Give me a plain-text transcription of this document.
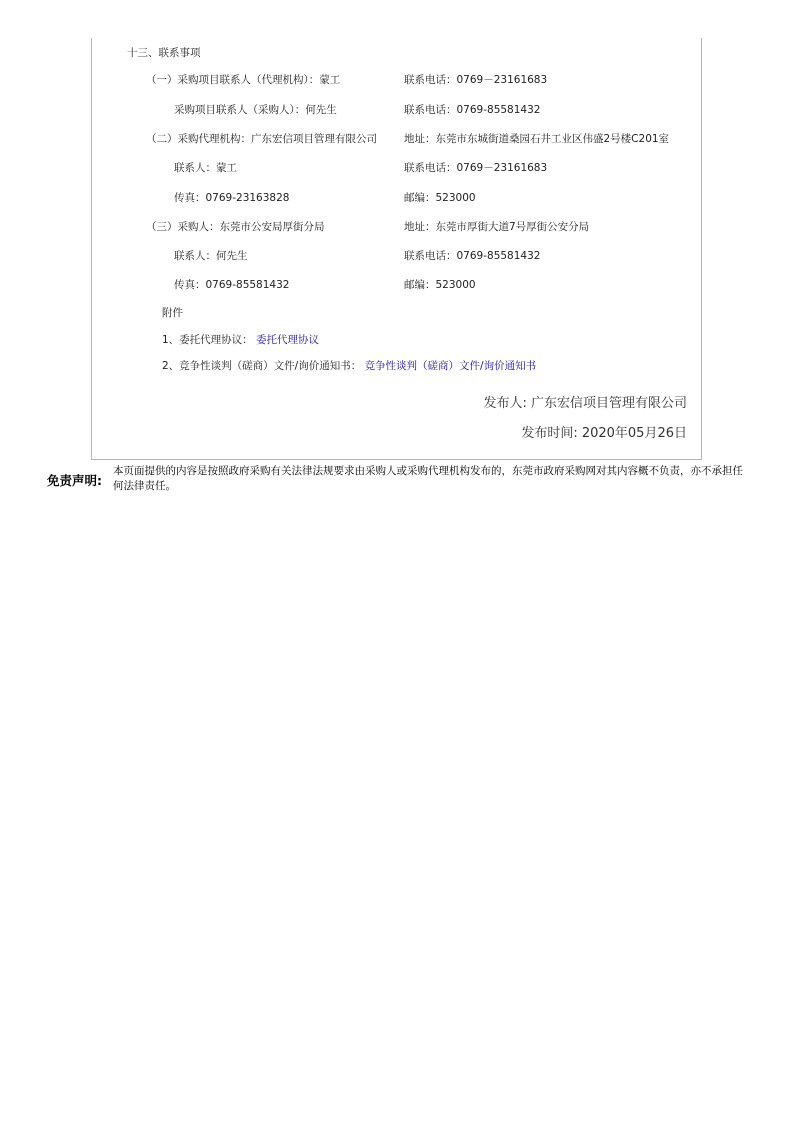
十三、联系事项
（一）采购项目联系人（代理机构）：蒙工	联系电话：0769－23161683
采购项目联系人（采购人）：何先生	联系电话：0769-85581432
（二）采购代理机构：广东宏信项目管理有限公司	地址：东莞市东城街道桑园石井工业区伟盛2号楼C201室
联系人：蒙工	联系电话：0769－23161683
传真：0769-23163828	邮编：523000
（三）采购人：东莞市公安局厚街分局	地址：东莞市厚街大道7号厚街公安分局
联系人：何先生	联系电话：0769-85581432
传真：0769-85581432	邮编：523000
附件
1、委托代理协议： 委托代理协议
2、竞争性谈判（磋商）文件/询价通知书： 竞争性谈判（磋商）文件/询价通知书
发布人: 广东宏信项目管理有限公司
发布时间: 2020年05月26日
免责声明:
本页面提供的内容是按照政府采购有关法律法规要求由采购人或采购代理机构发布的，东莞市政府采购网对其内容概不负责，亦不承担任何法律责任。
